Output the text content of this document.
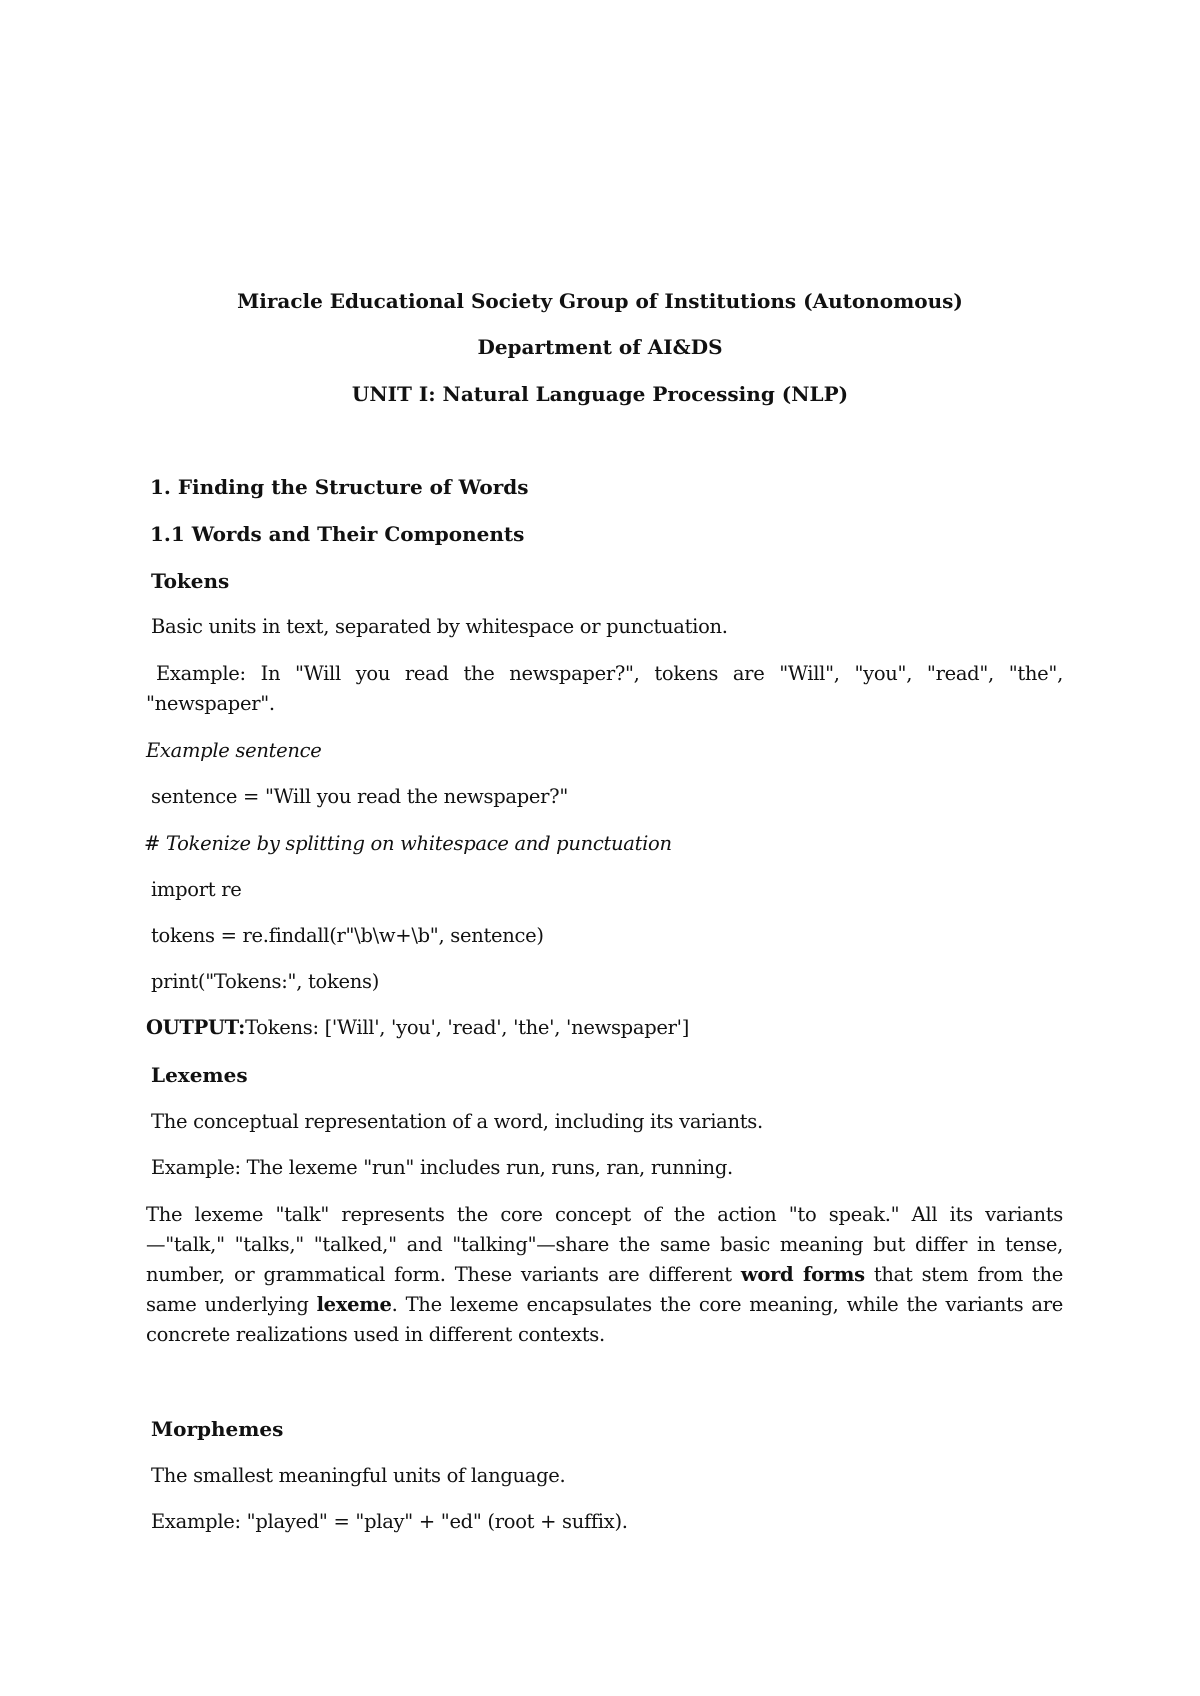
Miracle Educational Society Group of Institutions (Autonomous)
Department of AI&DS
UNIT I: Natural Language Processing (NLP)
1. Finding the Structure of Words
1.1 Words and Their Components
Tokens
Basic units in text, separated by whitespace or punctuation.
Example: In "Will you read the newspaper?", tokens are "Will", "you", "read", "the",
"newspaper".
Example sentence
sentence = "Will you read the newspaper?"
# Tokenize by splitting on whitespace and punctuation
import re
tokens = re.findall(r"\b\w+\b", sentence)
print("Tokens:", tokens)
OUTPUT:Tokens: ['Will', 'you', 'read', 'the', 'newspaper']
Lexemes
The conceptual representation of a word, including its variants.
Example: The lexeme "run" includes run, runs, ran, running.
The lexeme "talk" represents the core concept of the action "to speak." All its variants
—"talk," "talks," "talked," and "talking"—share the same basic meaning but differ in tense,
number, or grammatical form. These variants are different word forms that stem from the
same underlying lexeme. The lexeme encapsulates the core meaning, while the variants are
concrete realizations used in different contexts.
Morphemes
The smallest meaningful units of language.
Example: "played" = "play" + "ed" (root + suffix).
